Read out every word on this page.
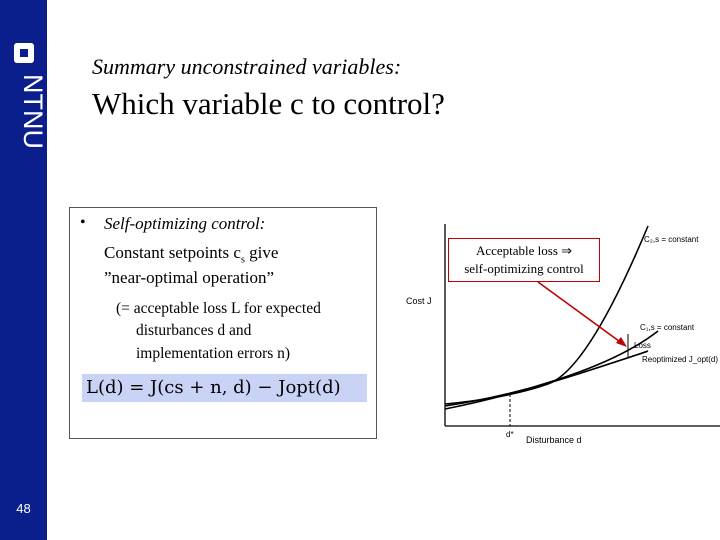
NTNU
48
Summary unconstrained variables:
Which variable c to control?
• Self-optimizing control:
Constant setpoints $c_s$ give
”near-optimal operation”
(= acceptable loss L for expected
disturbances d and
implementation errors n)
L(d) = J(cs + n, d) − Jopt(d)
Cost J
Disturbance d
d*
C₂,s = constant
C₁,s = constant
Loss
Reoptimized J_opt(d)
Acceptable loss ⇒
self-optimizing control
